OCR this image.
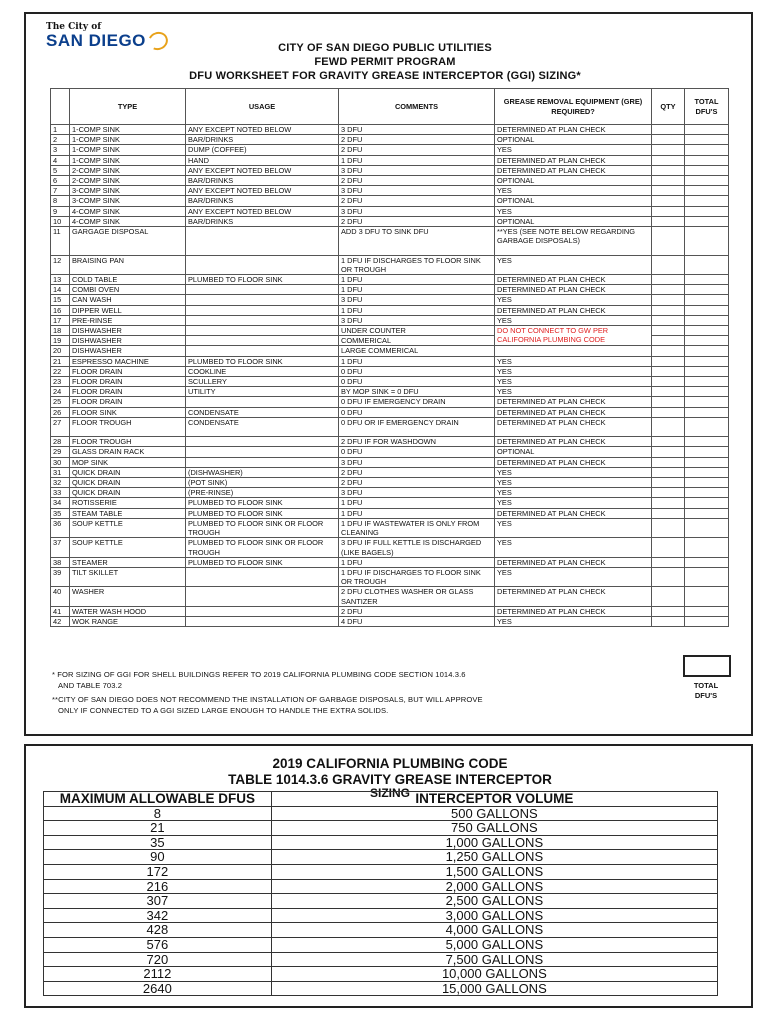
The City of
SAN DIEGO	CITY OF SAN DIEGO PUBLIC UTILITIES
FEWD PERMIT PROGRAM
DFU WORKSHEET FOR GRAVITY GREASE INTERCEPTOR (GGI) SIZING*
	TYPE	USAGE	COMMENTS	GREASE REMOVAL EQUIPMENT (GRE) REQUIRED?	QTY	TOTAL DFU'S
1	1-COMP SINK	ANY EXCEPT NOTED BELOW	3 DFU	DETERMINED AT PLAN CHECK		
2	1-COMP SINK	BAR/DRINKS	2 DFU	OPTIONAL		
3	1-COMP SINK	DUMP (COFFEE)	2 DFU	YES		
4	1-COMP SINK	HAND	1 DFU	DETERMINED AT PLAN CHECK		
5	2-COMP SINK	ANY EXCEPT NOTED BELOW	3 DFU	DETERMINED AT PLAN CHECK		
6	2-COMP SINK	BAR/DRINKS	2 DFU	OPTIONAL		
7	3-COMP SINK	ANY EXCEPT NOTED BELOW	3 DFU	YES		
8	3-COMP SINK	BAR/DRINKS	2 DFU	OPTIONAL		
9	4-COMP SINK	ANY EXCEPT NOTED BELOW	3 DFU	YES		
10	4-COMP SINK	BAR/DRINKS	2 DFU	OPTIONAL		
11	GARGAGE DISPOSAL		ADD 3 DFU TO SINK DFU	**YES (SEE NOTE BELOW REGARDING GARBAGE DISPOSALS)		
12	BRAISING PAN		1 DFU IF DISCHARGES TO FLOOR SINK OR TROUGH	YES		
13	COLD TABLE	PLUMBED TO FLOOR SINK	1 DFU	DETERMINED AT PLAN CHECK		
14	COMBI OVEN		1 DFU	DETERMINED AT PLAN CHECK		
15	CAN WASH		3 DFU	YES		
16	DIPPER WELL		1 DFU	DETERMINED AT PLAN CHECK		
17	PRE-RINSE		3 DFU	YES		
18	DISHWASHER		UNDER COUNTER	DO NOT CONNECT TO GW PER CALIFORNIA PLUMBING CODE		
19	DISHWASHER		COMMERICAL			
20	DISHWASHER		LARGE COMMERICAL			
21	ESPRESSO MACHINE	PLUMBED TO FLOOR SINK	1 DFU	YES		
22	FLOOR DRAIN	COOKLINE	0 DFU	YES		
23	FLOOR DRAIN	SCULLERY	0 DFU	YES		
24	FLOOR DRAIN	UTILITY	BY MOP SINK = 0 DFU	YES		
25	FLOOR DRAIN		0 DFU IF EMERGENCY DRAIN	DETERMINED AT PLAN CHECK		
26	FLOOR SINK	CONDENSATE	0 DFU	DETERMINED AT PLAN CHECK		
27	FLOOR TROUGH	CONDENSATE	0 DFU OR IF EMERGENCY DRAIN	DETERMINED AT PLAN CHECK		
28	FLOOR TROUGH		2 DFU IF FOR WASHDOWN	DETERMINED AT PLAN CHECK		
29	GLASS DRAIN RACK		0 DFU	OPTIONAL		
30	MOP SINK		3 DFU	DETERMINED AT PLAN CHECK		
31	QUICK DRAIN	(DISHWASHER)	2 DFU	YES		
32	QUICK DRAIN	(POT SINK)	2 DFU	YES		
33	QUICK DRAIN	(PRE-RINSE)	3 DFU	YES		
34	ROTISSERIE	PLUMBED TO FLOOR SINK	1 DFU	YES		
35	STEAM TABLE	PLUMBED TO FLOOR SINK	1 DFU	DETERMINED AT PLAN CHECK		
36	SOUP KETTLE	PLUMBED TO FLOOR SINK OR FLOOR TROUGH	1 DFU IF WASTEWATER IS ONLY FROM CLEANING	YES		
37	SOUP KETTLE	PLUMBED TO FLOOR SINK OR FLOOR TROUGH	3 DFU IF FULL KETTLE IS DISCHARGED (LIKE BAGELS)	YES		
38	STEAMER	PLUMBED TO FLOOR SINK	1 DFU	DETERMINED AT PLAN CHECK		
39	TILT SKILLET		1 DFU IF DISCHARGES TO FLOOR SINK OR TROUGH	YES		
40	WASHER		2 DFU CLOTHES WASHER OR GLASS SANTIZER	DETERMINED AT PLAN CHECK		
41	WATER WASH HOOD		2 DFU	DETERMINED AT PLAN CHECK		
42	WOK RANGE		4 DFU	YES		
TOTAL DFU'S
* FOR SIZING OF GGI FOR SHELL BUILDINGS REFER TO 2019 CALIFORNIA PLUMBING CODE SECTION 1014.3.6
AND TABLE 703.2
**CITY OF SAN DIEGO DOES NOT RECOMMEND THE INSTALLATION OF GARBAGE DISPOSALS, BUT WILL APPROVE
ONLY IF CONNECTED TO A GGI SIZED LARGE ENOUGH TO HANDLE THE EXTRA SOLIDS.
2019 CALIFORNIA PLUMBING CODE
TABLE 1014.3.6 GRAVITY GREASE INTERCEPTOR
SIZING
MAXIMUM ALLOWABLE DFUS	INTERCEPTOR VOLUME
8	500 GALLONS
21	750 GALLONS
35	1,000 GALLONS
90	1,250 GALLONS
172	1,500 GALLONS
216	2,000 GALLONS
307	2,500 GALLONS
342	3,000 GALLONS
428	4,000 GALLONS
576	5,000 GALLONS
720	7,500 GALLONS
2112	10,000 GALLONS
2640	15,000 GALLONS
